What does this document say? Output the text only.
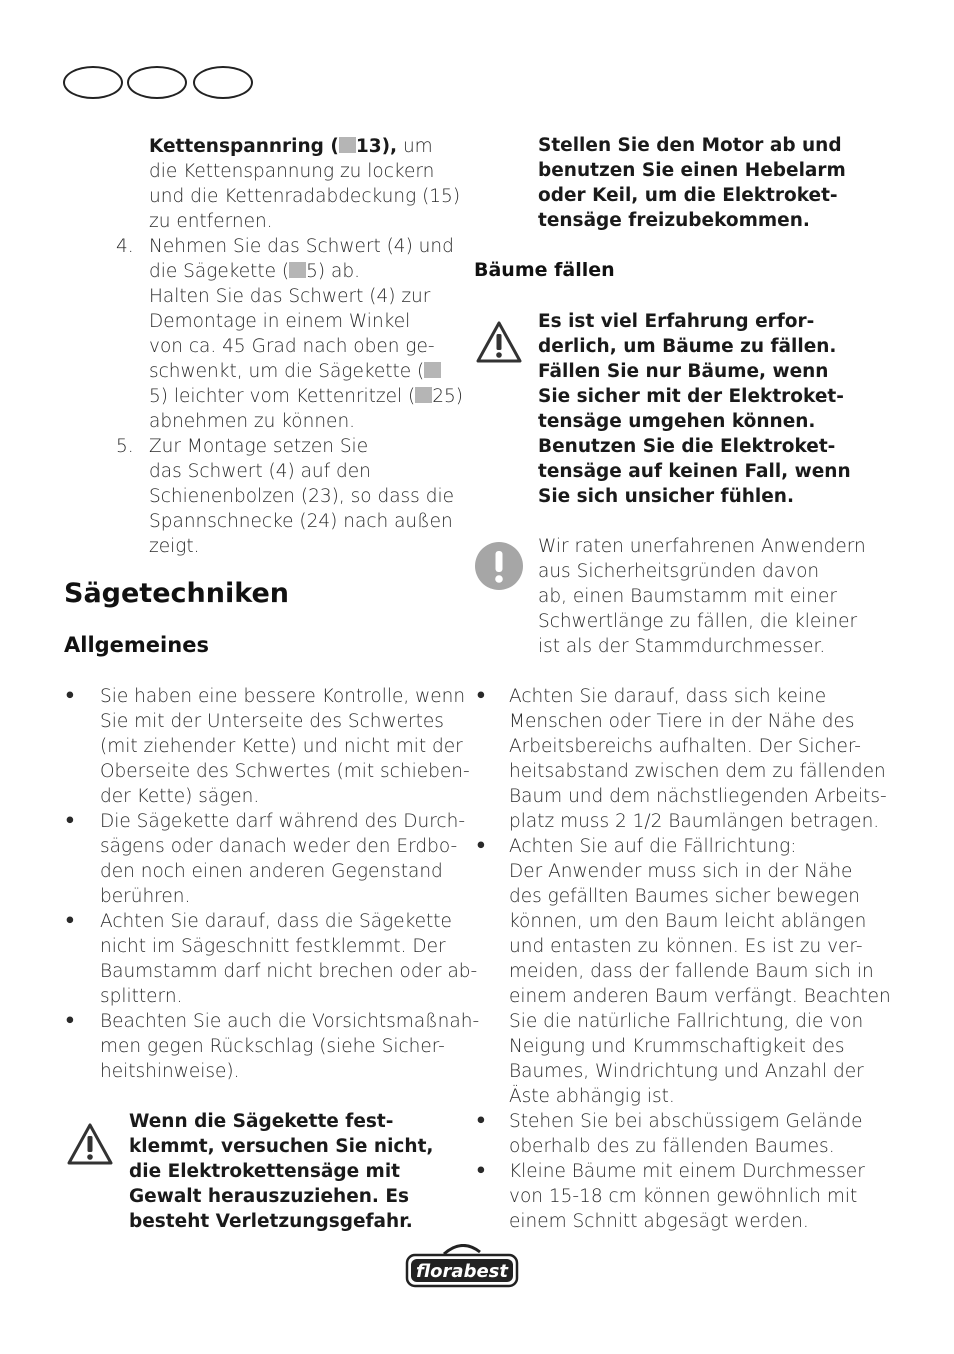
Kettenspannring ( 13), um
die Kettenspannung zu lockern
und die Kettenradabdeckung (15)
zu entfernen.
4. Nehmen Sie das Schwert (4) und
die Sägekette ( 5) ab.
Halten Sie das Schwert (4) zur
Demontage in einem Winkel
von ca. 45 Grad nach oben ge-
schwenkt, um die Sägekette (
5) leichter vom Kettenritzel ( 25)
abnehmen zu können.
5. Zur Montage setzen Sie
das Schwert (4) auf den
Schienenbolzen (23), so dass die
Spannschnecke (24) nach außen
zeigt.
Sägetechniken
Allgemeines
• Sie haben eine bessere Kontrolle, wenn
Sie mit der Unterseite des Schwertes
(mit ziehender Kette) und nicht mit der
Oberseite des Schwertes (mit schieben-
der Kette) sägen.
• Die Sägekette darf während des Durch-
sägens oder danach weder den Erdbo-
den noch einen anderen Gegenstand
berühren.
• Achten Sie darauf, dass die Sägekette
nicht im Sägeschnitt festklemmt. Der
Baumstamm darf nicht brechen oder ab-
splittern.
• Beachten Sie auch die Vorsichtsmaßnah-
men gegen Rückschlag (siehe Sicher-
heitshinweise).
Wenn die Sägekette fest-
klemmt, versuchen Sie nicht,
die Elektrokettensäge mit
Gewalt herauszuziehen. Es
besteht Verletzungsgefahr.
Stellen Sie den Motor ab und
benutzen Sie einen Hebelarm
oder Keil, um die Elektroket-
tensäge freizubekommen.
Bäume fällen
Es ist viel Erfahrung erfor-
derlich, um Bäume zu fällen.
Fällen Sie nur Bäume, wenn
Sie sicher mit der Elektroket-
tensäge umgehen können.
Benutzen Sie die Elektroket-
tensäge auf keinen Fall, wenn
Sie sich unsicher fühlen.
Wir raten unerfahrenen Anwendern
aus Sicherheitsgründen davon
ab, einen Baumstamm mit einer
Schwertlänge zu fällen, die kleiner
ist als der Stammdurchmesser.
• Achten Sie darauf, dass sich keine
Menschen oder Tiere in der Nähe des
Arbeitsbereichs aufhalten. Der Sicher-
heitsabstand zwischen dem zu fällenden
Baum und dem nächstliegenden Arbeits-
platz muss 2 1/2 Baumlängen betragen.
• Achten Sie auf die Fällrichtung:
Der Anwender muss sich in der Nähe
des gefällten Baumes sicher bewegen
können, um den Baum leicht ablängen
und entasten zu können. Es ist zu ver-
meiden, dass der fallende Baum sich in
einem anderen Baum verfängt. Beachten
Sie die natürliche Fallrichtung, die von
Neigung und Krummschaftigkeit des
Baumes, Windrichtung und Anzahl der
Äste abhängig ist.
• Stehen Sie bei abschüssigem Gelände
oberhalb des zu fällenden Baumes.
• Kleine Bäume mit einem Durchmesser
von 15-18 cm können gewöhnlich mit
einem Schnitt abgesägt werden.
florabest
